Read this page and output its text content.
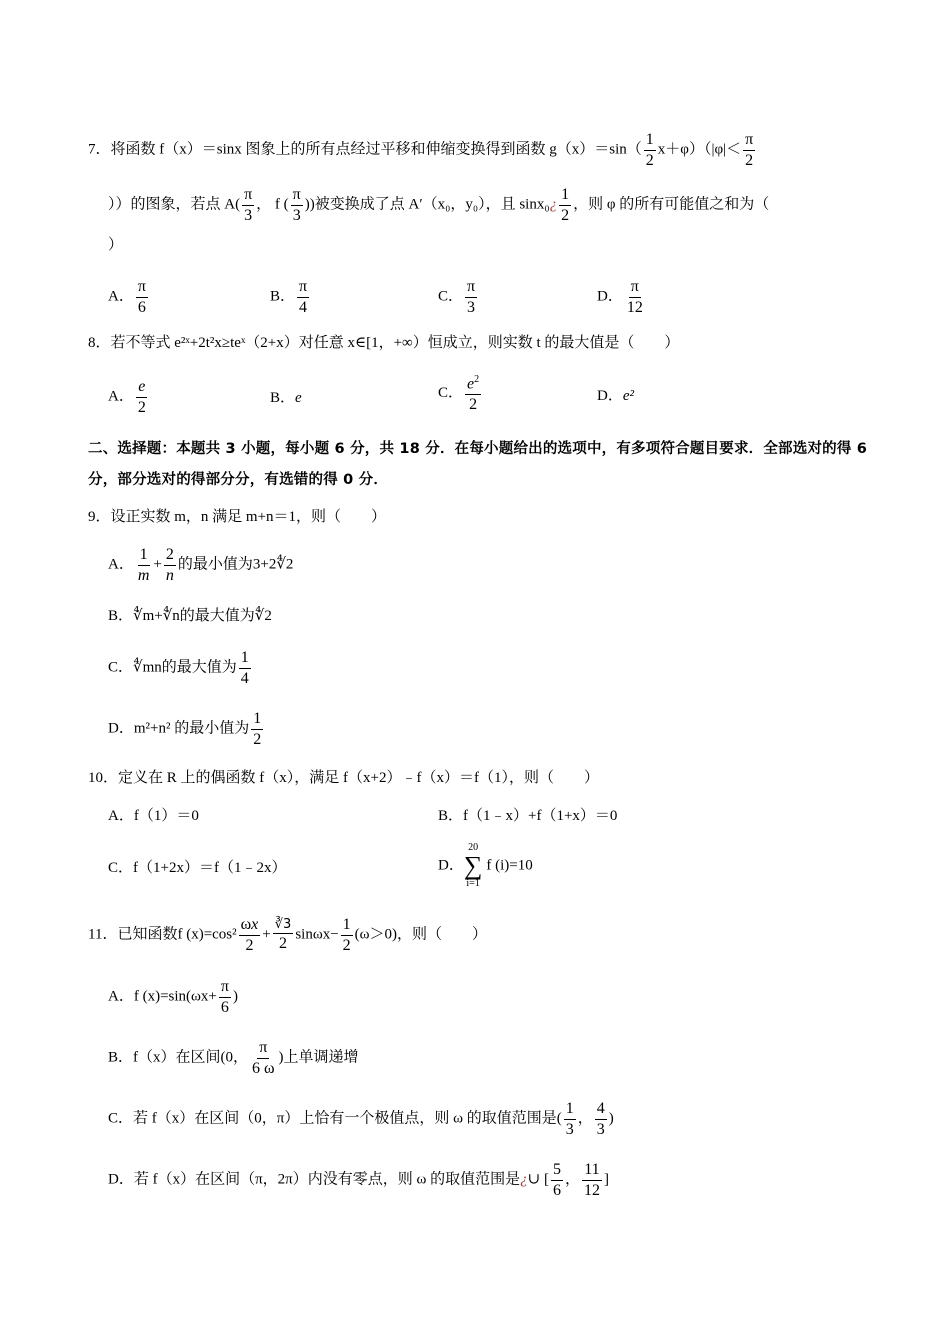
7．将函数 f（x）＝sinx 图象上的所有点经过平移和伸缩变换得到函数 $g(x)=\sin( \frac{1}{2} x+\varphi)(|\varphi|< \frac{\pi}{2}$
））的图象，若点 $A( \frac{\pi}{3}$ ， f ( $\frac{\pi}{3}$ ))被变换成了点 A′（x₀，y₀），且 sinx₀¿ $\frac{1}{2}$ ，则 φ 的所有可能值之和为（
）
A． $\frac{\pi}{6}$	B． $\frac{\pi}{4}$	C． $\frac{\pi}{3}$	D． $\frac{\pi}{12}$
8．若不等式 e²ˣ+2t²x≥teˣ（2+x）对任意 x∈[1，+∞）恒成立，则实数 t 的最大值是（　　）
A． $\frac{e}{2}$	B．e	C． $\frac{e^2}{2}$	D．e²
二、选择题：本题共 3 小题，每小题 6 分，共 18 分．在每小题给出的选项中，有多项符合题目要求．全部选对的得 6 分，部分选对的得部分分，有选错的得 0 分．
9．设正实数 m，n 满足 m+n＝1，则（　　）
A． $\frac{1}{m} + \frac{2}{n}$ 的最小值为3+2∜2
B．∜m+∜n的最大值为∜2
C．∜mn的最大值为 $\frac{1}{4}$
D．m²+n² 的最小值为 $\frac{1}{2}$
10．定义在 R 上的偶函数 f（x），满足 f（x+2）﹣f（x）＝f（1），则（　　）
A．f（1）＝0	B．f（1﹣x）+f（1+x）＝0
C．f（1+2x）＝f（1﹣2x）	D．
20
∑
i=1
f (i)=10
11．已知函数f $(x)=\cos^2 \frac{\omega x}{2} + \frac{∛3}{2} \sin\omega x- \frac{1}{2} (\omega>0)$，则（　　）
A．f $(x)=\sin(\omega x+ \frac{\pi}{6}$ )
B．f（x）在区间(0， $\frac{\pi}{6 \omega}$ )上单调递增
C．若 f（x）在区间（0，π）上恰有一个极值点，则 ω 的取值范围是( $\frac{1}{3}$ ， $\frac{4}{3}$ )
D．若 f（x）在区间（π，2π）内没有零点，则 ω 的取值范围是¿∪ [ $\frac{5}{6}$ ， $\frac{11}{12}$ ]
